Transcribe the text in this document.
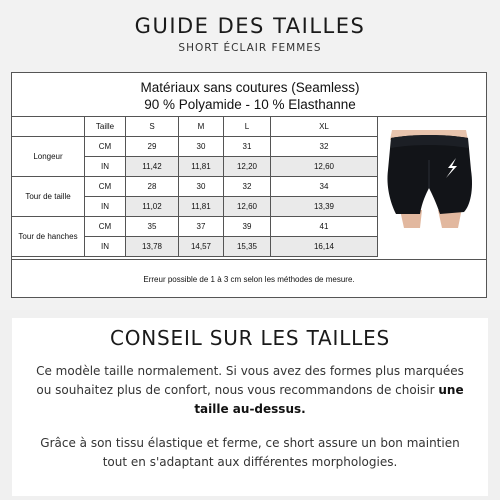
GUIDE DES TAILLES
SHORT ÉCLAIR FEMMES
Matériaux sans coutures (Seamless)
90 % Polyamide - 10 % Elasthanne
	Taille	S	M	L	XL
Longeur	CM	29	30	31	32
	IN	11,42	11,81	12,20	12,60
Tour de taille	CM	28	30	32	34
	IN	11,02	11,81	12,60	13,39
Tour de hanches	CM	35	37	39	41
	IN	13,78	14,57	15,35	16,14
Erreur possible de 1 à 3 cm selon les méthodes de mesure.
CONSEIL SUR LES TAILLES

Ce modèle taille normalement. Si vous avez des formes plus marquées ou souhaitez plus de confort, nous vous recommandons de choisir une taille au-dessus.

Grâce à son tissu élastique et ferme, ce short assure un bon maintien tout en s'adaptant aux différentes morphologies.
